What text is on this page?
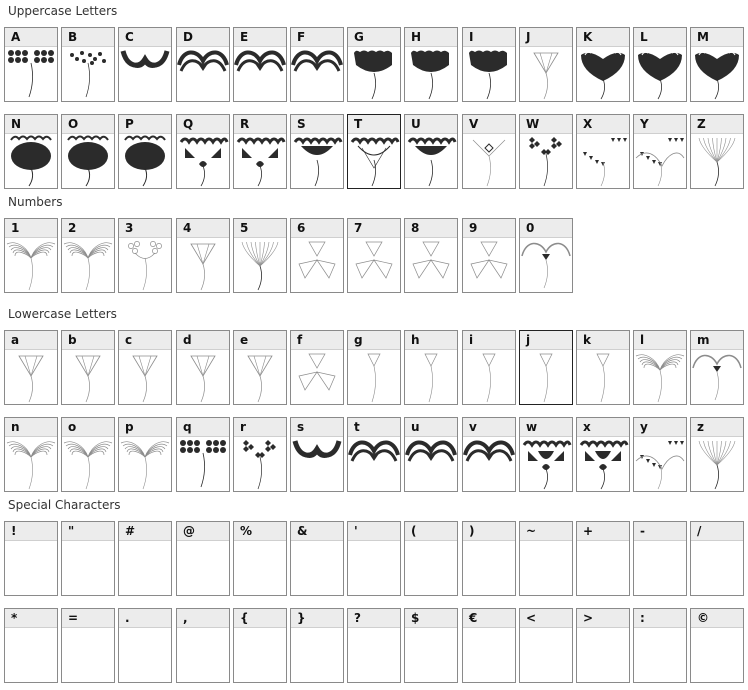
Uppercase Letters
A	B	C	D	E	F	G	H	I	J	K	L	M
N	O	P	Q	R	S	T	U	V	W	X	Y	Z
Numbers
1	2	3	4	5	6	7	8	9	0
Lowercase Letters
a	b	c	d	e	f	g	h	i	j	k	l	m
n	o	p	q	r	s	t	u	v	w	x	y	z
Special Characters
!	"	#	@	%	&	'	(	)	~	+	-	/
*	=	.	,	{	}	?	$	€	<	>	:	©
